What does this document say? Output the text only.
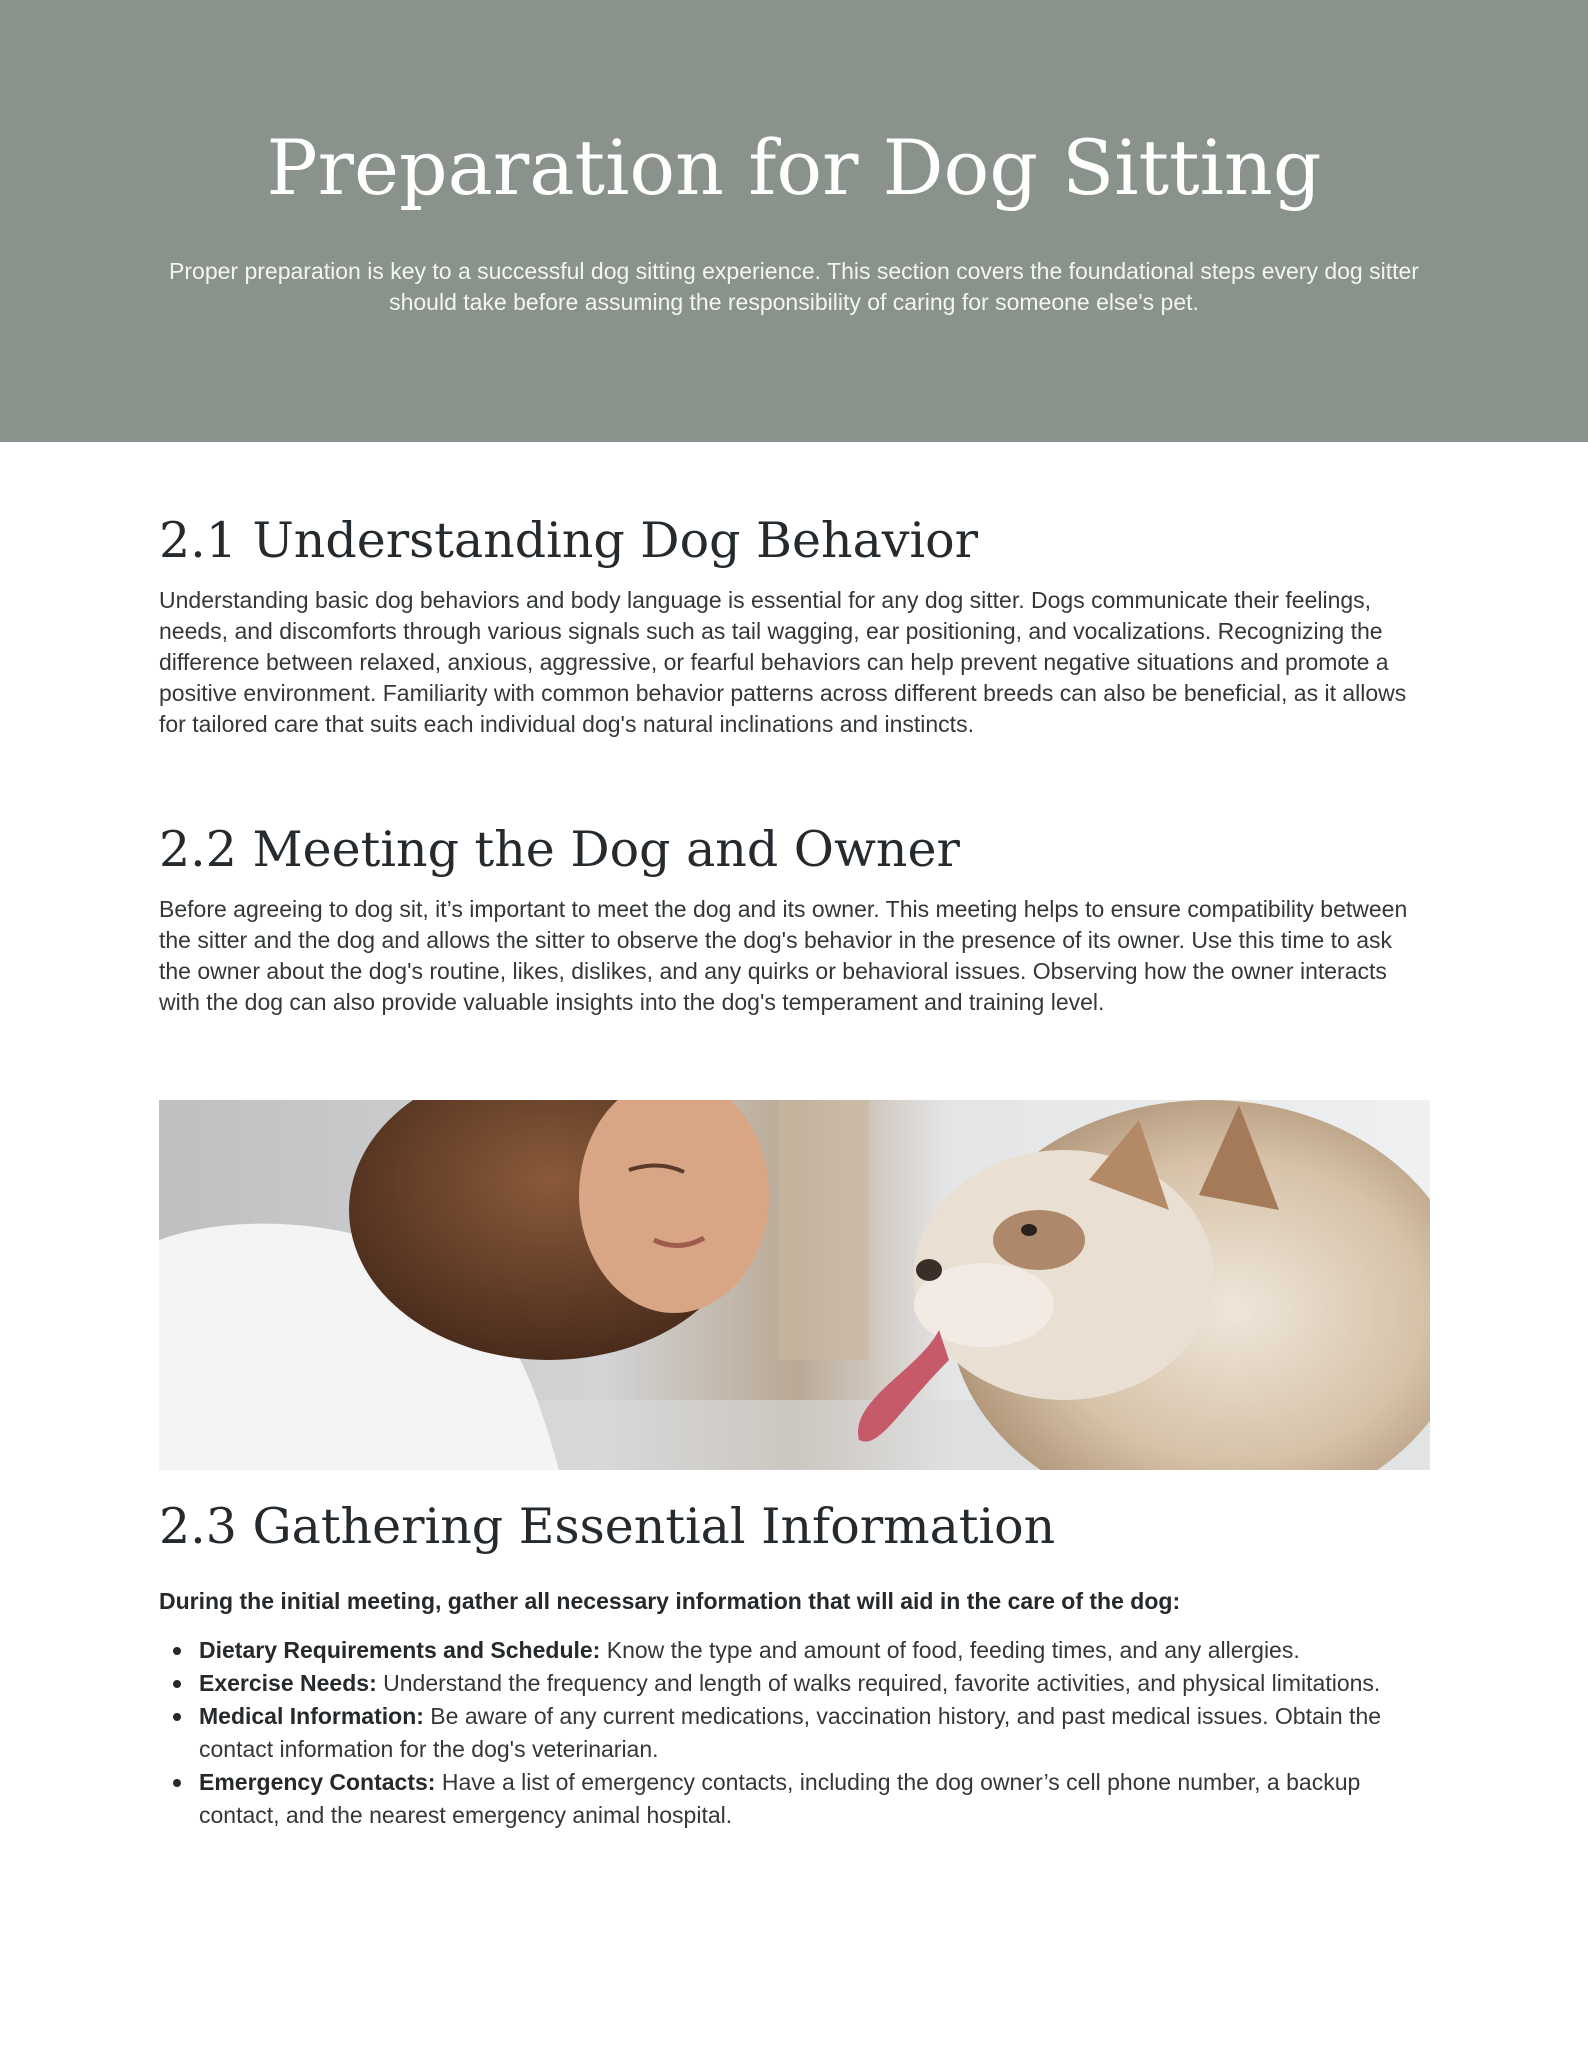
Preparation for Dog Sitting

Proper preparation is key to a successful dog sitting experience. This section covers the foundational steps every dog sitter should take before assuming the responsibility of caring for someone else's pet.

2.1 Understanding Dog Behavior

Understanding basic dog behaviors and body language is essential for any dog sitter. Dogs communicate their feelings, needs, and discomforts through various signals such as tail wagging, ear positioning, and vocalizations. Recognizing the difference between relaxed, anxious, aggressive, or fearful behaviors can help prevent negative situations and promote a positive environment. Familiarity with common behavior patterns across different breeds can also be beneficial, as it allows for tailored care that suits each individual dog's natural inclinations and instincts.

2.2 Meeting the Dog and Owner

Before agreeing to dog sit, it’s important to meet the dog and its owner. This meeting helps to ensure compatibility between the sitter and the dog and allows the sitter to observe the dog's behavior in the presence of its owner. Use this time to ask the owner about the dog's routine, likes, dislikes, and any quirks or behavioral issues. Observing how the owner interacts with the dog can also provide valuable insights into the dog's temperament and training level.

2.3 Gathering Essential Information

During the initial meeting, gather all necessary information that will aid in the care of the dog:

Dietary Requirements and Schedule: Know the type and amount of food, feeding times, and any allergies.
Exercise Needs: Understand the frequency and length of walks required, favorite activities, and physical limitations.
Medical Information: Be aware of any current medications, vaccination history, and past medical issues. Obtain the contact information for the dog's veterinarian.
Emergency Contacts: Have a list of emergency contacts, including the dog owner’s cell phone number, a backup contact, and the nearest emergency animal hospital.
